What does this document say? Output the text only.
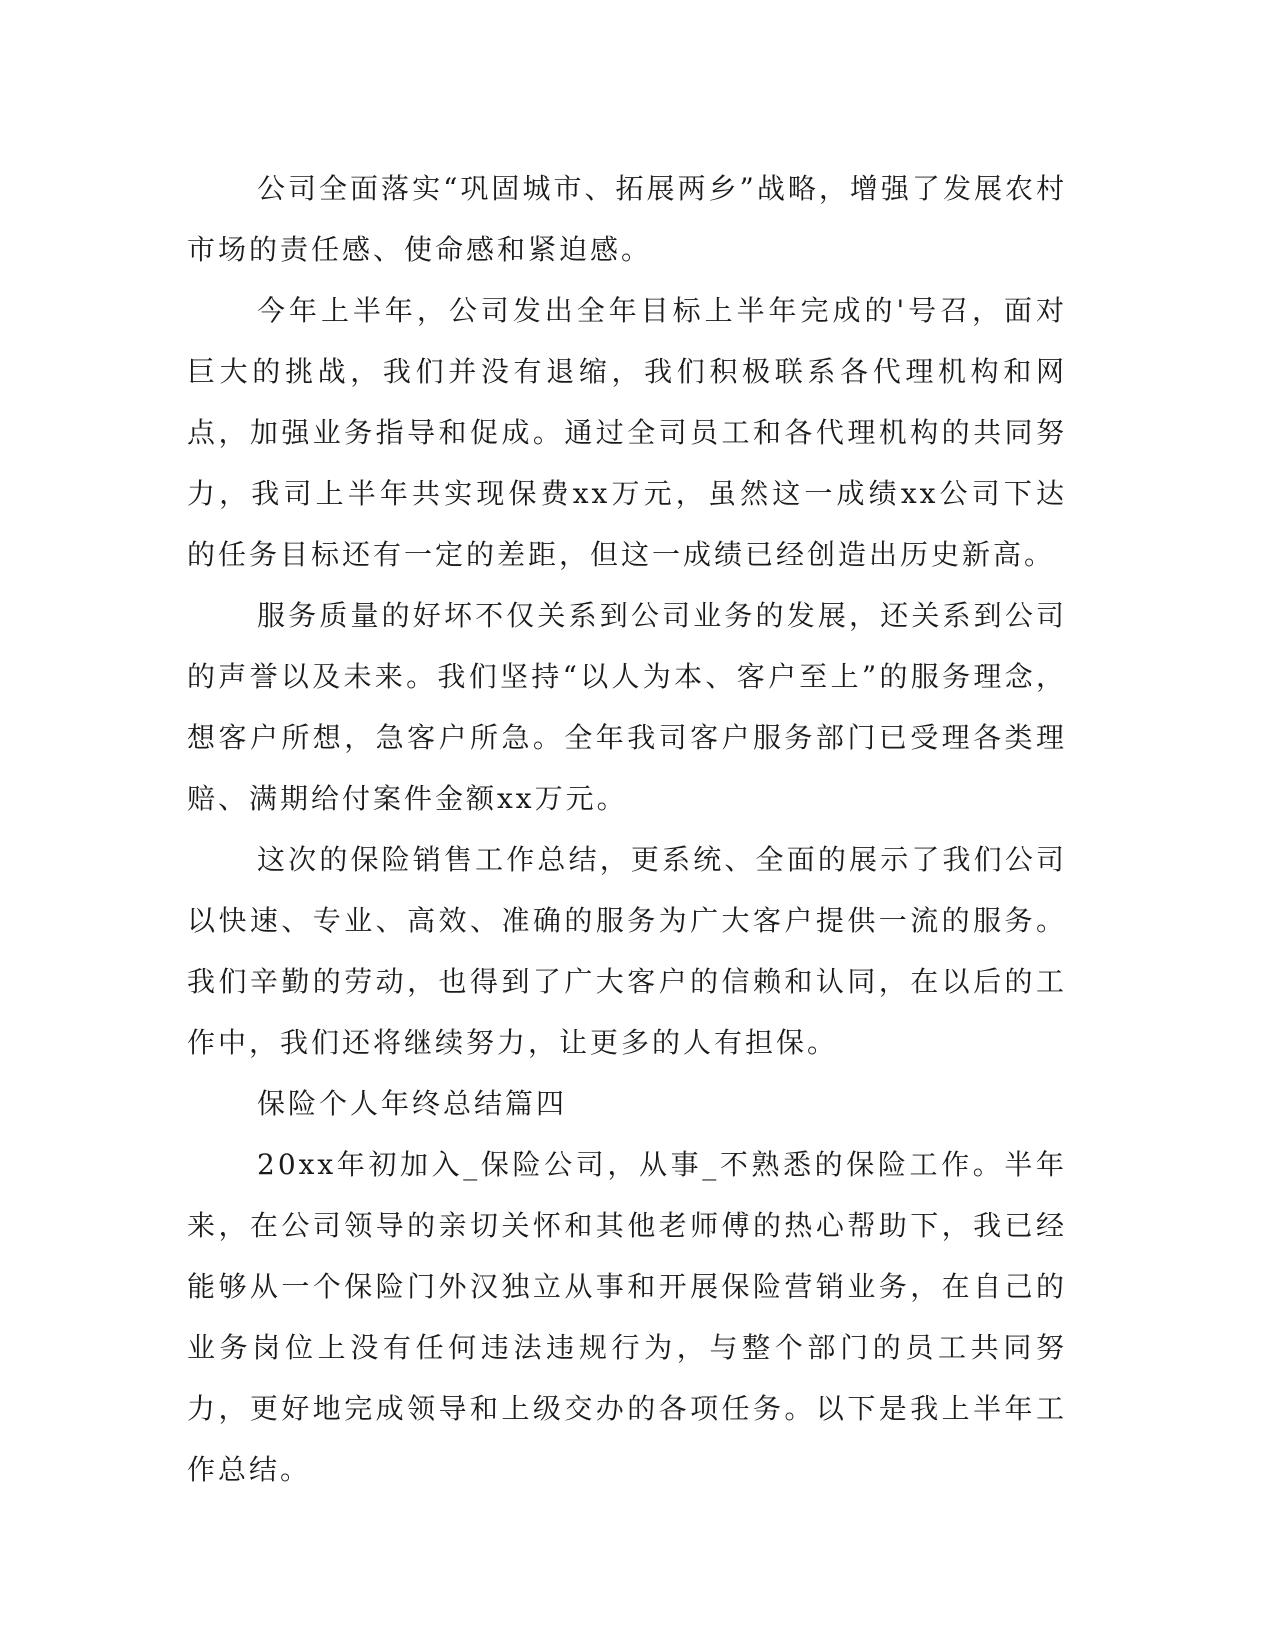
公司全面落实“巩固城市、拓展两乡”战略，增强了发展农村市场的责任感、使命感和紧迫感。

今年上半年，公司发出全年目标上半年完成的'号召，面对巨大的挑战，我们并没有退缩，我们积极联系各代理机构和网点，加强业务指导和促成。通过全司员工和各代理机构的共同努力，我司上半年共实现保费xx万元，虽然这一成绩xx公司下达的任务目标还有一定的差距，但这一成绩已经创造出历史新高。

服务质量的好坏不仅关系到公司业务的发展，还关系到公司的声誉以及未来。我们坚持“以人为本、客户至上”的服务理念，想客户所想，急客户所急。全年我司客户服务部门已受理各类理赔、满期给付案件金额xx万元。

这次的保险销售工作总结，更系统、全面的展示了我们公司以快速、专业、高效、准确的服务为广大客户提供一流的服务。我们辛勤的劳动，也得到了广大客户的信赖和认同，在以后的工作中，我们还将继续努力，让更多的人有担保。

保险个人年终总结篇四

20xx年初加入_保险公司，从事_不熟悉的保险工作。半年来，在公司领导的亲切关怀和其他老师傅的热心帮助下，我已经能够从一个保险门外汉独立从事和开展保险营销业务，在自己的业务岗位上没有任何违法违规行为，与整个部门的员工共同努力，更好地完成领导和上级交办的各项任务。以下是我上半年工作总结。
